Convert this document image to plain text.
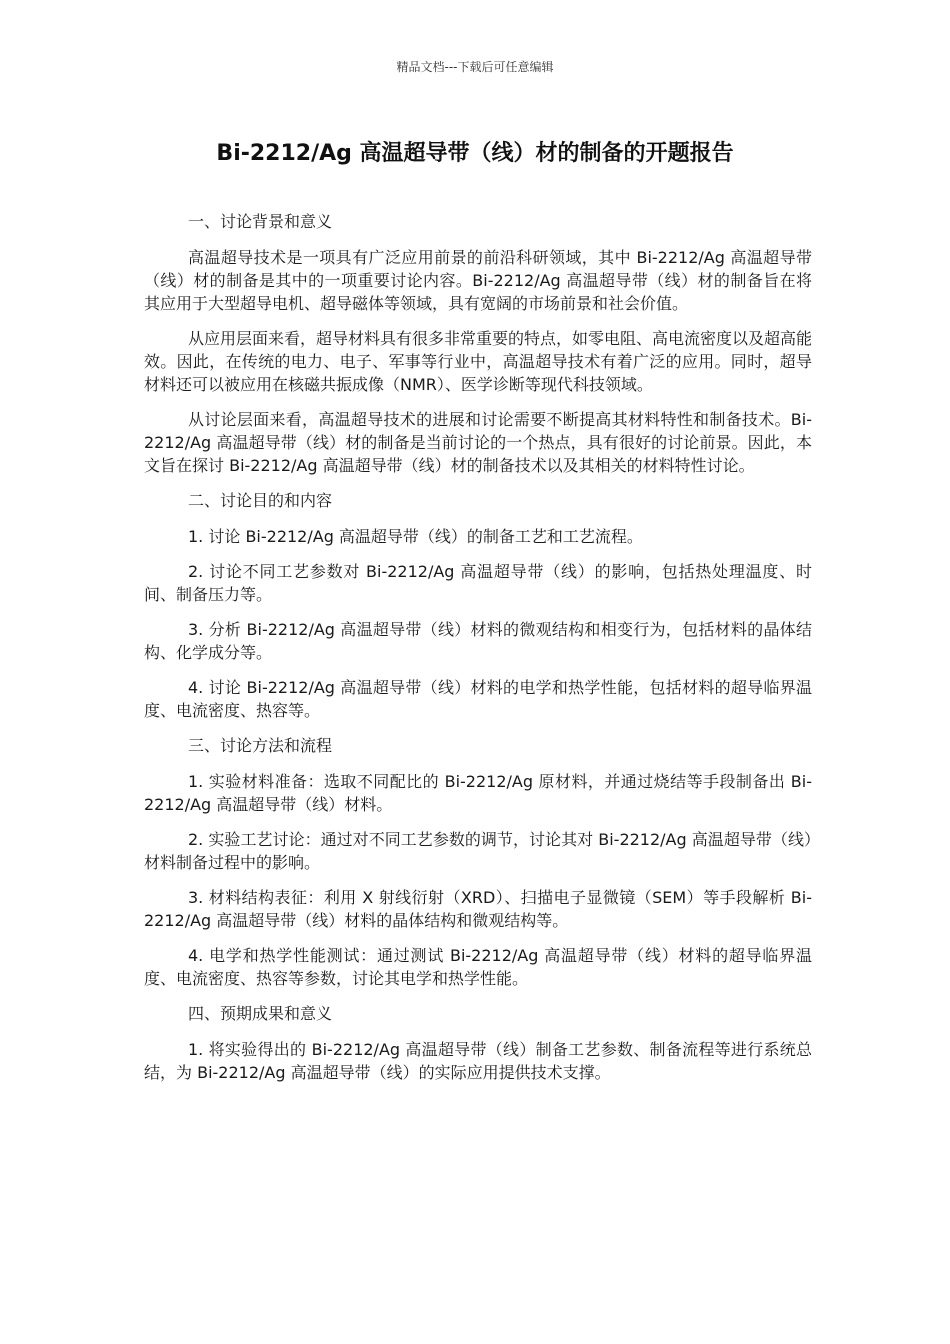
精品文档---下载后可任意编辑
Bi-2212/Ag 高温超导带（线）材的制备的开题报告
一、讨论背景和意义

高温超导技术是一项具有广泛应用前景的前沿科研领域，其中 Bi-2212/Ag 高温超导带（线）材的制备是其中的一项重要讨论内容。Bi-2212/Ag 高温超导带（线）材的制备旨在将其应用于大型超导电机、超导磁体等领域，具有宽阔的市场前景和社会价值。

从应用层面来看，超导材料具有很多非常重要的特点，如零电阻、高电流密度以及超高能效。因此，在传统的电力、电子、军事等行业中，高温超导技术有着广泛的应用。同时，超导材料还可以被应用在核磁共振成像（NMR）、医学诊断等现代科技领域。

从讨论层面来看，高温超导技术的进展和讨论需要不断提高其材料特性和制备技术。Bi-2212/Ag 高温超导带（线）材的制备是当前讨论的一个热点，具有很好的讨论前景。因此，本文旨在探讨 Bi-2212/Ag 高温超导带（线）材的制备技术以及其相关的材料特性讨论。

二、讨论目的和内容

1. 讨论 Bi-2212/Ag 高温超导带（线）的制备工艺和工艺流程。

2. 讨论不同工艺参数对 Bi-2212/Ag 高温超导带（线）的影响，包括热处理温度、时间、制备压力等。

3. 分析 Bi-2212/Ag 高温超导带（线）材料的微观结构和相变行为，包括材料的晶体结构、化学成分等。

4. 讨论 Bi-2212/Ag 高温超导带（线）材料的电学和热学性能，包括材料的超导临界温度、电流密度、热容等。

三、讨论方法和流程

1. 实验材料准备：选取不同配比的 Bi-2212/Ag 原材料，并通过烧结等手段制备出 Bi-2212/Ag 高温超导带（线）材料。

2. 实验工艺讨论：通过对不同工艺参数的调节，讨论其对 Bi-2212/Ag 高温超导带（线）材料制备过程中的影响。

3. 材料结构表征：利用 X 射线衍射（XRD）、扫描电子显微镜（SEM）等手段解析 Bi-2212/Ag 高温超导带（线）材料的晶体结构和微观结构等。

4. 电学和热学性能测试：通过测试 Bi-2212/Ag 高温超导带（线）材料的超导临界温度、电流密度、热容等参数，讨论其电学和热学性能。

四、预期成果和意义

1. 将实验得出的 Bi-2212/Ag 高温超导带（线）制备工艺参数、制备流程等进行系统总结，为 Bi-2212/Ag 高温超导带（线）的实际应用提供技术支撑。
